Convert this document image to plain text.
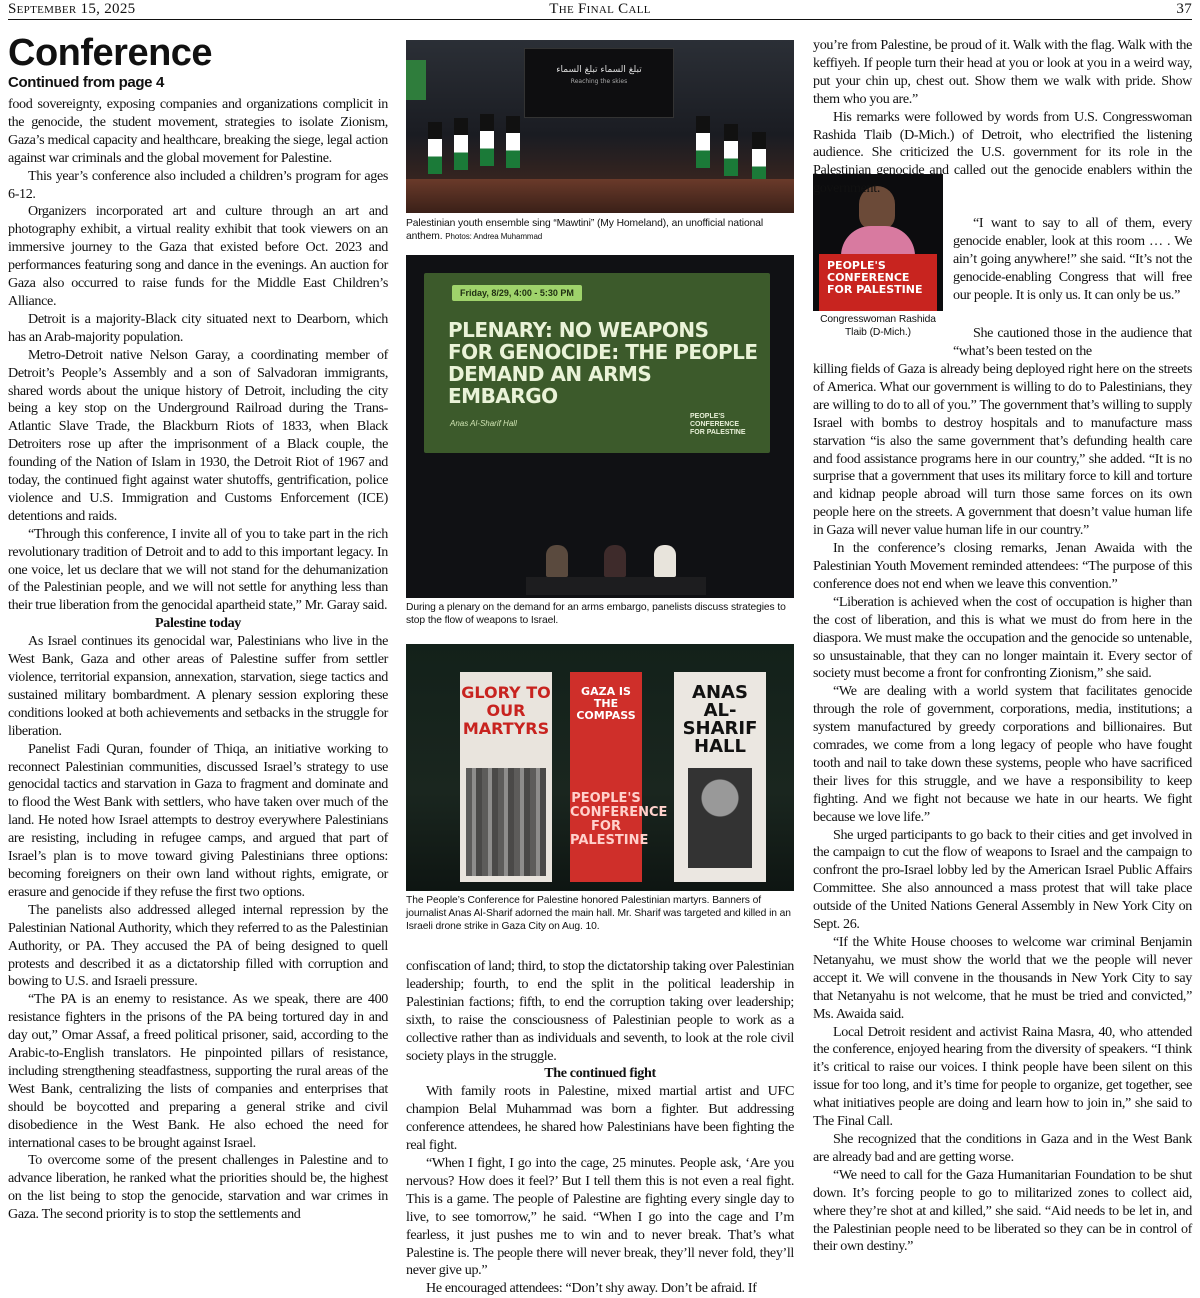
September 15, 2025	The Final Call	37
Conference
Continued from page 4

food sovereignty, exposing companies and organizations complicit in the genocide, the student movement, strategies to isolate Zionism, Gaza’s medical capacity and healthcare, breaking the siege, legal action against war criminals and the global movement for Palestine.

This year’s conference also included a children’s program for ages 6-12.

Organizers incorporated art and culture through an art and photography exhibit, a virtual reality exhibit that took viewers on an immersive journey to the Gaza that existed before Oct. 2023 and performances featuring song and dance in the evenings. An auction for Gaza also occurred to raise funds for the Middle East Children’s Alliance.

Detroit is a majority-Black city situated next to Dearborn, which has an Arab-majority population.

Metro-Detroit native Nelson Garay, a coordinating member of Detroit’s People’s Assembly and a son of Salvadoran immigrants, shared words about the unique history of Detroit, including the city being a key stop on the Underground Railroad during the Trans-Atlantic Slave Trade, the Blackburn Riots of 1833, when Black Detroiters rose up after the imprisonment of a Black couple, the founding of the Nation of Islam in 1930, the Detroit Riot of 1967 and today, the continued fight against water shutoffs, gentrification, police violence and U.S. Immigration and Customs Enforcement (ICE) detentions and raids.

“Through this conference, I invite all of you to take part in the rich revolutionary tradition of Detroit and to add to this important legacy. In one voice, let us declare that we will not stand for the dehumanization of the Palestinian people, and we will not settle for anything less than their true liberation from the genocidal apartheid state,” Mr. Garay said.

Palestine today

As Israel continues its genocidal war, Palestinians who live in the West Bank, Gaza and other areas of Palestine suffer from settler violence, territorial expansion, annexation, starvation, siege tactics and sustained military bombardment. A plenary session exploring these conditions looked at both achievements and setbacks in the struggle for liberation.

Panelist Fadi Quran, founder of Thiqa, an initiative working to reconnect Palestinian communities, discussed Israel’s strategy to use genocidal tactics and starvation in Gaza to fragment and dominate and to flood the West Bank with settlers, who have taken over much of the land. He noted how Israel attempts to destroy everywhere Palestinians are resisting, including in refugee camps, and argued that part of Israel’s plan is to move toward giving Palestinians three options: becoming foreigners on their own land without rights, emigrate, or erasure and genocide if they refuse the first two options.

The panelists also addressed alleged internal repression by the Palestinian National Authority, which they referred to as the Palestinian Authority, or PA. They accused the PA of being designed to quell protests and described it as a dictatorship filled with corruption and bowing to U.S. and Israeli pressure.

“The PA is an enemy to resistance. As we speak, there are 400 resistance fighters in the prisons of the PA being tortured day in and day out,” Omar Assaf, a freed political prisoner, said, according to the Arabic-to-English translators. He pinpointed pillars of resistance, including strengthening steadfastness, supporting the rural areas of the West Bank, centralizing the lists of companies and enterprises that should be boycotted and preparing a general strike and civil disobedience in the West Bank. He also echoed the need for international cases to be brought against Israel.

To overcome some of the present challenges in Palestine and to advance liberation, he ranked what the priorities should be, the highest on the list being to stop the genocide, starvation and war crimes in Gaza. The second priority is to stop the settlements and

تبلغ السماء تبلغ السماء
Reaching the skies
Palestinian youth ensemble sing “Mawtini” (My Homeland), an unofficial national anthem. Photos: Andrea Muhammad
Friday, 8/29, 4:00 - 5:30 PM
PLENARY: NO WEAPONS FOR GENOCIDE: THE PEOPLE DEMAND AN ARMS EMBARGO
Anas Al-Sharif Hall
PEOPLE'S CONFERENCE FOR PALESTINE
During a plenary on the demand for an arms embargo, panelists discuss strategies to stop the flow of weapons to Israel.
GLORY TO OUR MARTYRS
GAZA IS THE COMPASS
PEOPLE'S CONFERENCE FOR PALESTINE
ANAS AL-SHARIF HALL
The People’s Conference for Palestine honored Palestinian martyrs. Banners of journalist Anas Al-Sharif adorned the main hall. Mr. Sharif was targeted and killed in an Israeli drone strike in Gaza City on Aug. 10.

confiscation of land; third, to stop the dictatorship taking over Palestinian leadership; fourth, to end the split in the political leadership in Palestinian factions; fifth, to end the corruption taking over leadership; sixth, to raise the consciousness of Palestinian people to work as a collective rather than as individuals and seventh, to look at the role civil society plays in the struggle.

The continued fight

With family roots in Palestine, mixed martial artist and UFC champion Belal Muhammad was born a fighter. But addressing conference attendees, he shared how Palestinians have been fighting the real fight.

“When I fight, I go into the cage, 25 minutes. People ask, ‘Are you nervous? How does it feel?’ But I tell them this is not even a real fight. This is a game. The people of Palestine are fighting every single day to live, to see tomorrow,” he said. “When I go into the cage and I’m fearless, it just pushes me to win and to never break. That’s what Palestine is. The people there will never break, they’ll never fold, they’ll never give up.”

He encouraged attendees: “Don’t shy away. Don’t be afraid. If

PEOPLE'S CONFERENCE FOR PALESTINE
Congresswoman Rashida Tlaib (D-Mich.)

you’re from Palestine, be proud of it. Walk with the flag. Walk with the keffiyeh. If people turn their head at you or look at you in a weird way, put your chin up, chest out. Show them we walk with pride. Show them who you are.”

His remarks were followed by words from U.S. Congresswoman Rashida Tlaib (D-Mich.) of Detroit, who electrified the listening audience. She criticized the U.S. government for its role in the Palestinian genocide and called out the genocide enablers within the government.

“I want to say to all of them, every genocide enabler, look at this room … . We ain’t going anywhere!” she said. “It’s not the genocide-enabling Congress that will free our people. It is only us. It can only be us.”

She cautioned those in the audience that “what’s been tested on the

killing fields of Gaza is already being deployed right here on the streets of America. What our government is willing to do to Palestinians, they are willing to do to all of you.” The government that’s willing to supply Israel with bombs to destroy hospitals and to manufacture mass starvation “is also the same government that’s defunding health care and food assistance programs here in our country,” she added. “It is no surprise that a government that uses its military force to kill and torture and kidnap people abroad will turn those same forces on its own people here on the streets. A government that doesn’t value human life in Gaza will never value human life in our country.”

In the conference’s closing remarks, Jenan Awaida with the Palestinian Youth Movement reminded attendees: “The purpose of this conference does not end when we leave this convention.”

“Liberation is achieved when the cost of occupation is higher than the cost of liberation, and this is what we must do from here in the diaspora. We must make the occupation and the genocide so untenable, so unsustainable, that they can no longer maintain it. Every sector of society must become a front for confronting Zionism,” she said.

“We are dealing with a world system that facilitates genocide through the role of government, corporations, media, institutions; a system manufactured by greedy corporations and billionaires. But comrades, we come from a long legacy of people who have fought tooth and nail to take down these systems, people who have sacrificed their lives for this struggle, and we have a responsibility to keep fighting. And we fight not because we hate in our hearts. We fight because we love life.”

She urged participants to go back to their cities and get involved in the campaign to cut the flow of weapons to Israel and the campaign to confront the pro-Israel lobby led by the American Israel Public Affairs Committee. She also announced a mass protest that will take place outside of the United Nations General Assembly in New York City on Sept. 26.

“If the White House chooses to welcome war criminal Benjamin Netanyahu, we must show the world that we the people will never accept it. We will convene in the thousands in New York City to say that Netanyahu is not welcome, that he must be tried and convicted,” Ms. Awaida said.

Local Detroit resident and activist Raina Masra, 40, who attended the conference, enjoyed hearing from the diversity of speakers. “I think it’s critical to raise our voices. I think people have been silent on this issue for too long, and it’s time for people to organize, get together, see what initiatives people are doing and learn how to join in,” she said to The Final Call.

She recognized that the conditions in Gaza and in the West Bank are already bad and are getting worse.

“We need to call for the Gaza Humanitarian Foundation to be shut down. It’s forcing people to go to militarized zones to collect aid, where they’re shot at and killed,” she said. “Aid needs to be let in, and the Palestinian people need to be liberated so they can be in control of their own destiny.”
